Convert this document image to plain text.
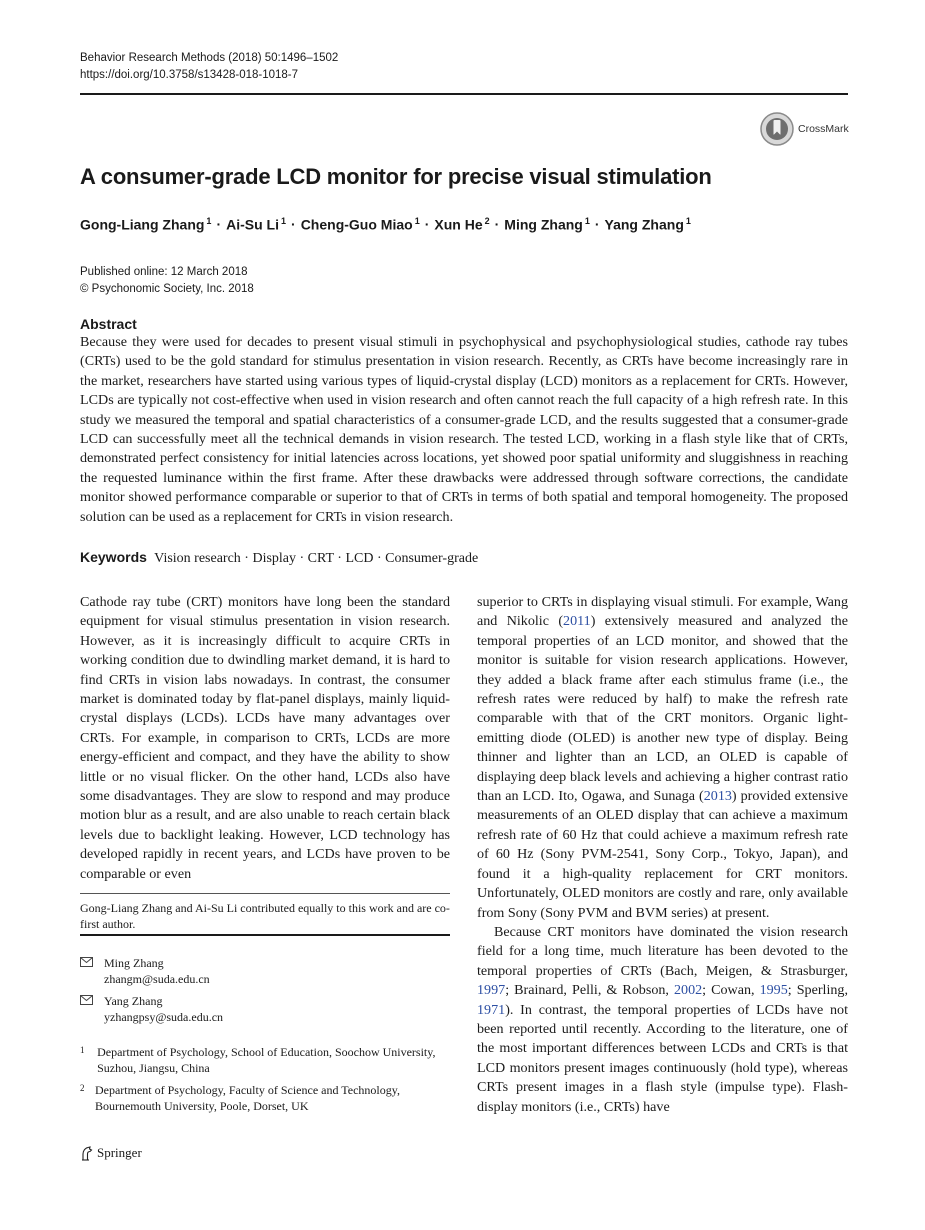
Behavior Research Methods (2018) 50:1496–1502
https://doi.org/10.3758/s13428-018-1018-7
CrossMark
A consumer-grade LCD monitor for precise visual stimulation
Gong-Liang Zhang $^1$ · Ai-Su Li $^1$ · Cheng-Guo Miao $^1$ · Xun He $^2$ · Ming Zhang $^1$ · Yang Zhang $^1$
Published online: 12 March 2018
© Psychonomic Society, Inc. 2018
Abstract

Because they were used for decades to present visual stimuli in psychophysical and psychophysiological studies, cathode ray tubes (CRTs) used to be the gold standard for stimulus presentation in vision research. Recently, as CRTs have become increasingly rare in the market, researchers have started using various types of liquid-crystal display (LCD) monitors as a replacement for CRTs. However, LCDs are typically not cost-effective when used in vision research and often cannot reach the full capacity of a high refresh rate. In this study we measured the temporal and spatial characteristics of a consumer-grade LCD, and the results suggested that a consumer-grade LCD can successfully meet all the technical demands in vision research. The tested LCD, working in a flash style like that of CRTs, demonstrated perfect consistency for initial latencies across locations, yet showed poor spatial uniformity and sluggishness in reaching the requested luminance within the first frame. After these drawbacks were addressed through software corrections, the candidate monitor showed performance comparable or superior to that of CRTs in terms of both spatial and temporal homogeneity. The proposed solution can be used as a replacement for CRTs in vision research.

Keywords Vision research · Display · CRT · LCD · Consumer-grade

Cathode ray tube (CRT) monitors have long been the standard equipment for visual stimulus presentation in vision research. However, as it is increasingly difficult to acquire CRTs in working condition due to dwindling market demand, it is hard to find CRTs in vision labs nowadays. In contrast, the consumer market is dominated today by flat-panel displays, mainly liquid-crystal displays (LCDs). LCDs have many advantages over CRTs. For example, in comparison to CRTs, LCDs are more energy-efficient and compact, and they have the ability to show little or no visual flicker. On the other hand, LCDs also have some disadvantages. They are slow to respond and may produce motion blur as a result, and are also unable to reach certain black levels due to backlight leaking. However, LCD technology has developed rapidly in recent years, and LCDs have proven to be comparable or even

superior to CRTs in displaying visual stimuli. For example, Wang and Nikolic (2011) extensively measured and analyzed the temporal properties of an LCD monitor, and showed that the monitor is suitable for vision research applications. However, they added a black frame after each stimulus frame (i.e., the refresh rates were reduced by half) to make the refresh rate comparable with that of the CRT monitors. Organic light-emitting diode (OLED) is another new type of display. Being thinner and lighter than an LCD, an OLED is capable of displaying deep black levels and achieving a higher contrast ratio than an LCD. Ito, Ogawa, and Sunaga (2013) provided extensive measurements of an OLED display that can achieve a maximum refresh rate of 60 Hz that could achieve a maximum refresh rate of 60 Hz (Sony PVM-2541, Sony Corp., Tokyo, Japan), and found it a high-quality replacement for CRT monitors. Unfortunately, OLED monitors are costly and rare, only available from Sony (Sony PVM and BVM series) at present.

Because CRT monitors have dominated the vision research field for a long time, much literature has been devoted to the temporal properties of CRTs (Bach, Meigen, & Strasburger, 1997; Brainard, Pelli, & Robson, 2002; Cowan, 1995; Sperling, 1971). In contrast, the temporal properties of LCDs have not been reported until recently. According to the literature, one of the most important differences between LCDs and CRTs is that LCD monitors present images continuously (hold type), whereas CRTs present images in a flash style (impulse type). Flash-display monitors (i.e., CRTs) have

Gong-Liang Zhang and Ai-Su Li contributed equally to this work and are co-first author.
Ming Zhang
zhangm@suda.edu.cn
Yang Zhang
yzhangpsy@suda.edu.cn
1	Department of Psychology, School of Education, Soochow University, Suzhou, Jiangsu, China
2 Department of Psychology, Faculty of Science and Technology, Bournemouth University, Poole, Dorset, UK
Springer
